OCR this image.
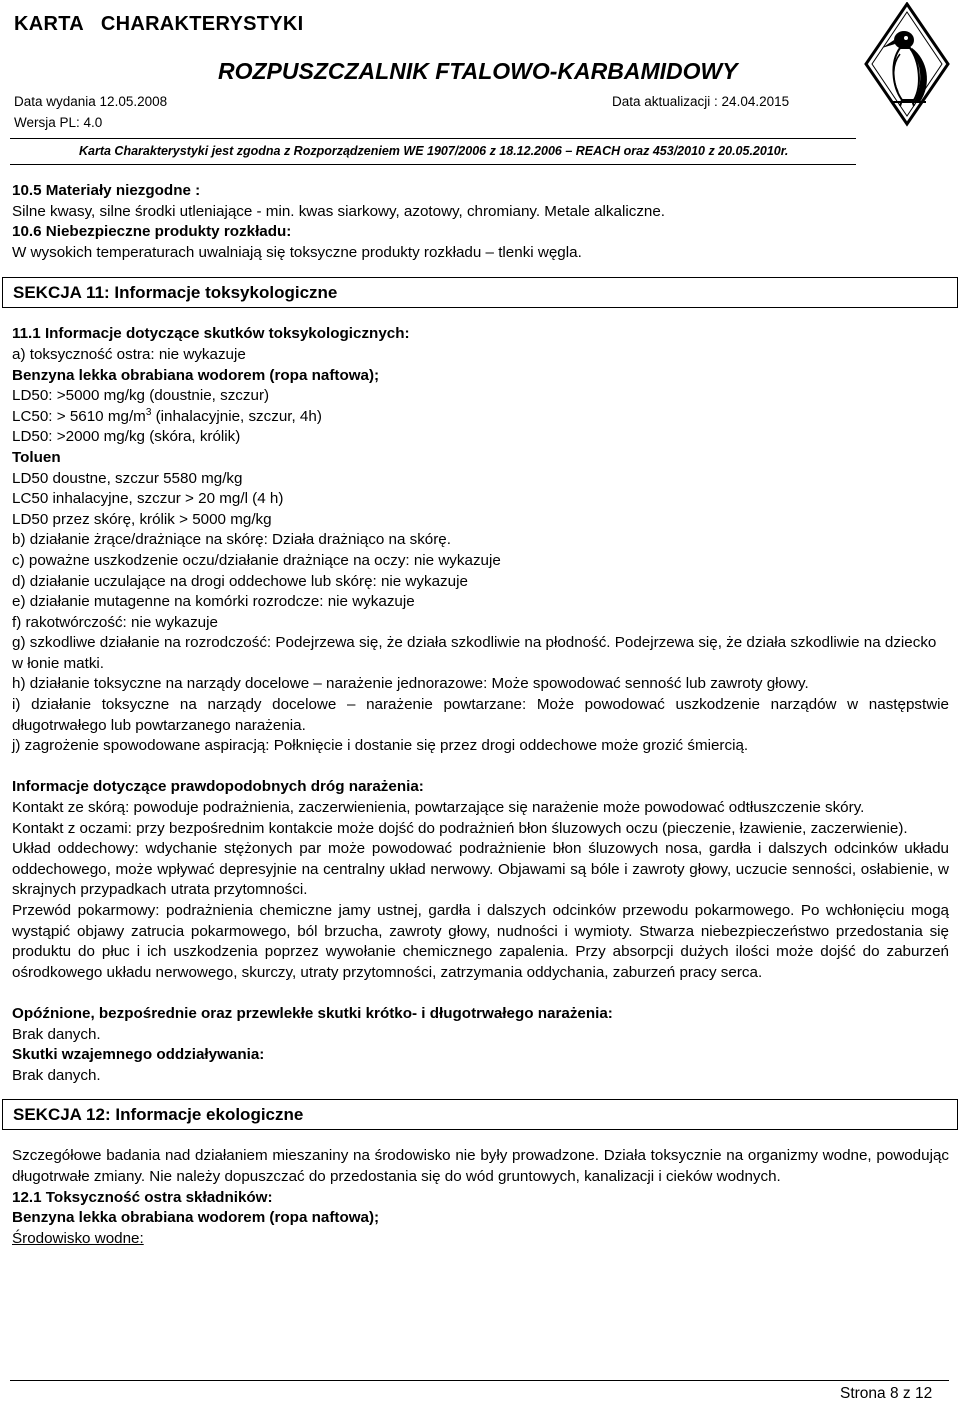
KARTA   CHARAKTERYSTYKI
ROZPUSZCZALNIK FTALOWO-KARBAMIDOWY
Data wydania 12.05.2008	Data aktualizacji : 24.04.2015
Wersja PL: 4.0
Karta Charakterystyki jest zgodna z Rozporządzeniem WE 1907/2006 z 18.12.2006 – REACH oraz 453/2010 z 20.05.2010r.

10.5 Materiały niezgodne :

Silne kwasy, silne środki utleniające - min. kwas siarkowy, azotowy, chromiany. Metale alkaliczne.

10.6 Niebezpieczne produkty rozkładu:

W wysokich temperaturach uwalniają się toksyczne produkty rozkładu – tlenki węgla.

SEKCJA 11: Informacje toksykologiczne

11.1 Informacje dotyczące skutków toksykologicznych:

a) toksyczność ostra: nie wykazuje

Benzyna lekka obrabiana wodorem (ropa naftowa);

LD50: >5000 mg/kg (doustnie, szczur)

LC50: > 5610 $mg/m^3$ (inhalacyjnie, szczur, 4h)

LD50: >2000 mg/kg (skóra, królik)

Toluen

LD50 doustne, szczur 5580 mg/kg

LC50 inhalacyjne, szczur > 20 mg/l (4 h)

LD50 przez skórę, królik > 5000 mg/kg

b) działanie żrące/drażniące na skórę: Działa drażniąco na skórę.

c) poważne uszkodzenie oczu/działanie drażniące na oczy: nie wykazuje

d) działanie uczulające na drogi oddechowe lub skórę: nie wykazuje

e) działanie mutagenne na komórki rozrodcze: nie wykazuje

f) rakotwórczość: nie wykazuje

g) szkodliwe działanie na rozrodczość: Podejrzewa się, że działa szkodliwie na płodność. Podejrzewa się, że działa szkodliwie na dziecko w łonie matki.

h) działanie toksyczne na narządy docelowe – narażenie jednorazowe: Może spowodować senność lub zawroty głowy.

i) działanie toksyczne na narządy docelowe – narażenie powtarzane: Może powodować uszkodzenie narządów w następstwie długotrwałego lub powtarzanego narażenia.

j) zagrożenie spowodowane aspiracją: Połknięcie i dostanie się przez drogi oddechowe może grozić śmiercią.

Informacje dotyczące prawdopodobnych dróg narażenia:

Kontakt ze skórą: powoduje podrażnienia, zaczerwienienia, powtarzające się narażenie może powodować odtłuszczenie skóry.

Kontakt z oczami: przy bezpośrednim kontakcie może dojść do podrażnień błon śluzowych oczu (pieczenie, łzawienie, zaczerwienie).

Układ oddechowy: wdychanie stężonych par może powodować podrażnienie błon śluzowych nosa, gardła i dalszych odcinków układu oddechowego, może wpływać depresyjnie na centralny układ nerwowy. Objawami są bóle i zawroty głowy, uczucie senności, osłabienie, w skrajnych przypadkach utrata przytomności.

Przewód pokarmowy: podrażnienia chemiczne jamy ustnej, gardła i dalszych odcinków przewodu pokarmowego. Po wchłonięciu mogą wystąpić objawy zatrucia pokarmowego, ból brzucha, zawroty głowy, nudności i wymioty. Stwarza niebezpieczeństwo przedostania się produktu do płuc i ich uszkodzenia poprzez wywołanie chemicznego zapalenia. Przy absorpcji dużych ilości może dojść do zaburzeń ośrodkowego układu nerwowego, skurczy, utraty przytomności, zatrzymania oddychania, zaburzeń pracy serca.

Opóźnione, bezpośrednie oraz przewlekłe skutki krótko- i długotrwałego narażenia:

Brak danych.

Skutki wzajemnego oddziaływania:

Brak danych.

SEKCJA 12: Informacje ekologiczne

Szczegółowe badania nad działaniem mieszaniny na środowisko nie były prowadzone. Działa toksycznie na organizmy wodne, powodując długotrwałe zmiany. Nie należy dopuszczać do przedostania się do wód gruntowych, kanalizacji i cieków wodnych.

12.1 Toksyczność ostra składników:

Benzyna lekka obrabiana wodorem (ropa naftowa);

Środowisko wodne:

Strona 8 z 12
